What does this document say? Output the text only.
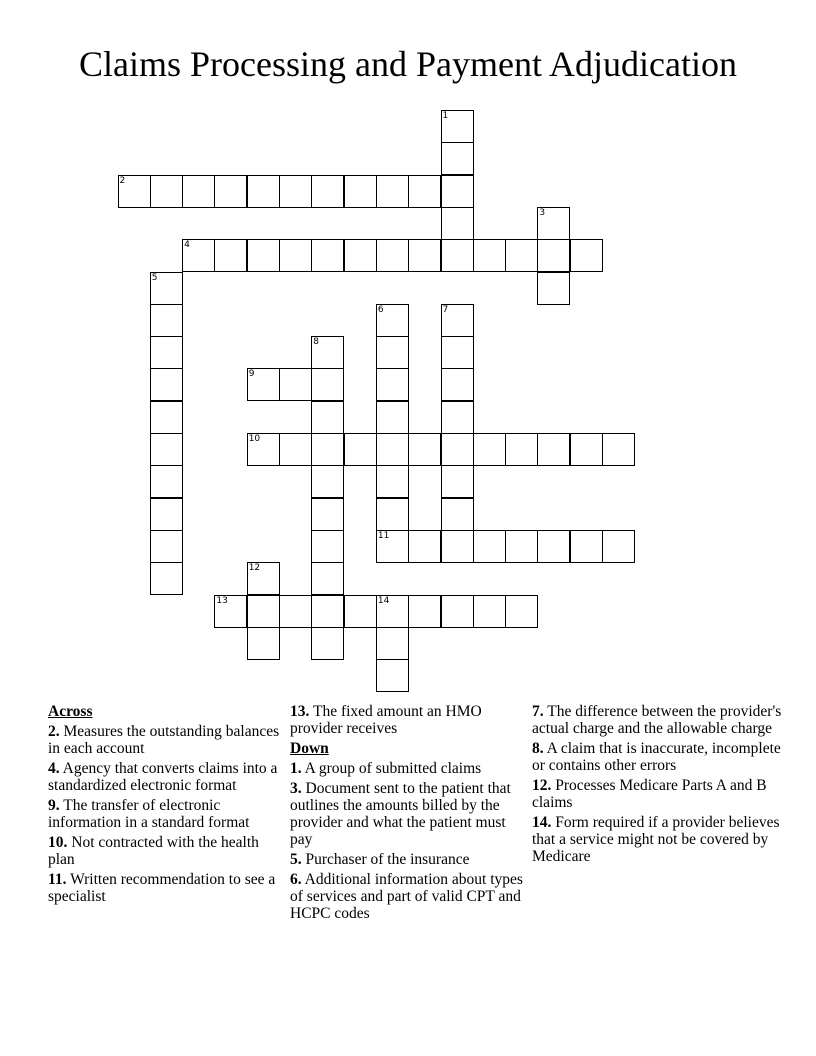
Claims Processing and Payment Adjudication
1
2
3
4
5
6	7
8
9
10
11
12
13	14
Across
2. Measures the outstanding balances in each account
4. Agency that converts claims into a standardized electronic format
9. The transfer of electronic information in a standard format
10. Not contracted with the health plan
11. Written recommendation to see a specialist
13. The fixed amount an HMO provider receives
Down
1. A group of submitted claims
3. Document sent to the patient that outlines the amounts billed by the provider and what the patient must pay
5. Purchaser of the insurance
6. Additional information about types of services and part of valid CPT and HCPC codes
7. The difference between the provider's actual charge and the allowable charge
8. A claim that is inaccurate, incomplete or contains other errors
12. Processes Medicare Parts A and B claims
14. Form required if a provider believes that a service might not be covered by Medicare
